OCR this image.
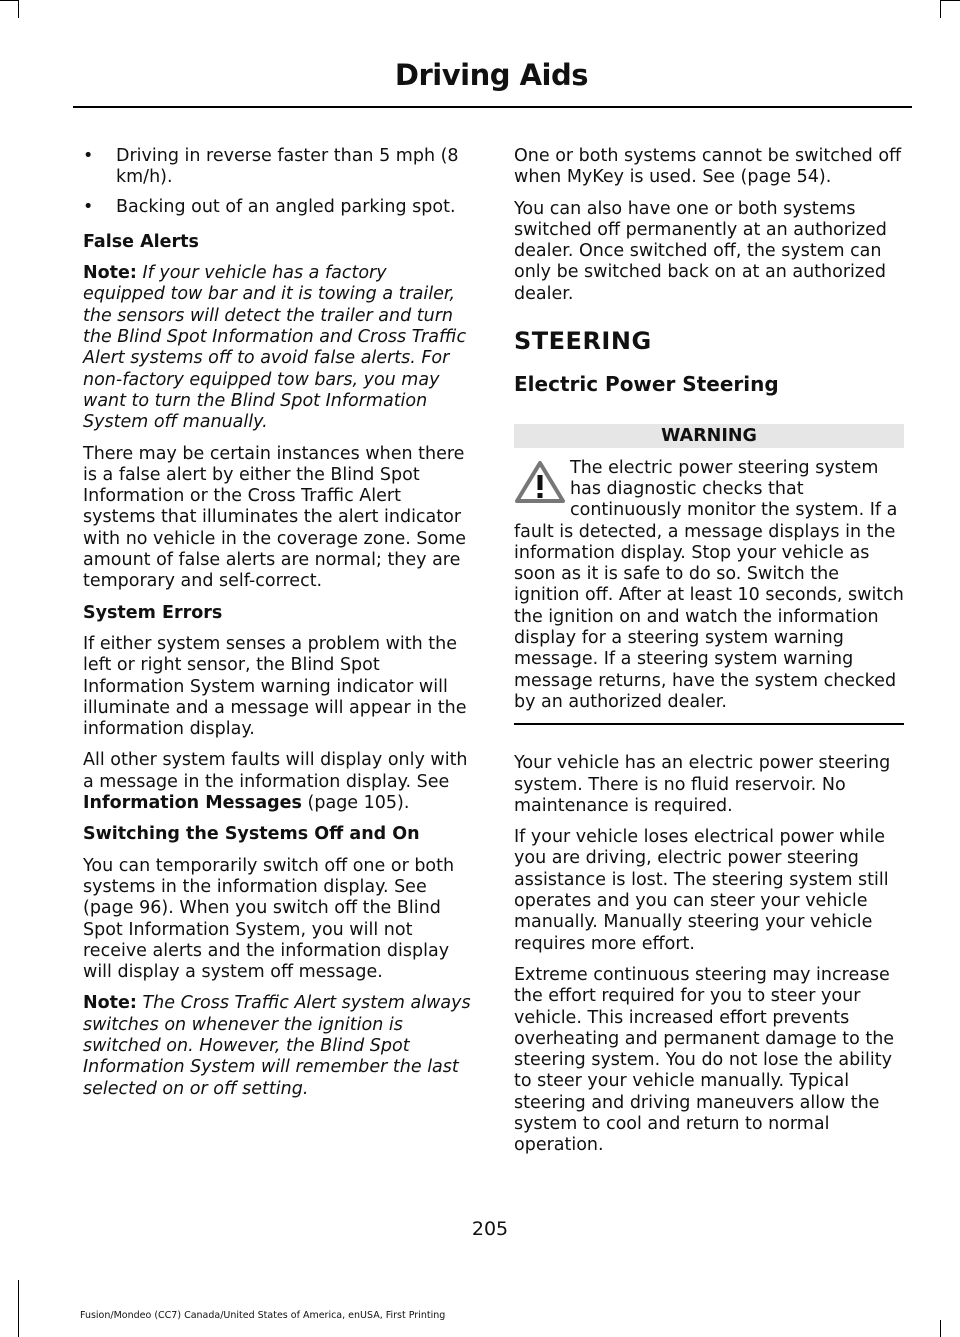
Driving Aids
•	Driving in reverse faster than 5 mph (8 km/h).
•	Backing out of an angled parking spot.
False Alerts

Note: If your vehicle has a factory equipped tow bar and it is towing a trailer, the sensors will detect the trailer and turn the Blind Spot Information and Cross Traffic Alert systems off to avoid false alerts. For non-factory equipped tow bars, you may want to turn the Blind Spot Information System off manually.

There may be certain instances when there is a false alert by either the Blind Spot Information or the Cross Traffic Alert systems that illuminates the alert indicator with no vehicle in the coverage zone. Some amount of false alerts are normal; they are temporary and self-correct.

System Errors

If either system senses a problem with the left or right sensor, the Blind Spot Information System warning indicator will illuminate and a message will appear in the information display.

All other system faults will display only with a message in the information display. See Information Messages (page 105).

Switching the Systems Off and On

You can temporarily switch off one or both systems in the information display. See (page 96). When you switch off the Blind Spot Information System, you will not receive alerts and the information display will display a system off message.

Note: The Cross Traffic Alert system always switches on whenever the ignition is switched on. However, the Blind Spot Information System will remember the last selected on or off setting.

One or both systems cannot be switched off when MyKey is used. See (page 54).

You can also have one or both systems switched off permanently at an authorized dealer. Once switched off, the system can only be switched back on at an authorized dealer.

STEERING
Electric Power Steering
WARNING
The electric power steering system has diagnostic checks that continuously monitor the system. If a fault is detected, a message displays in the information display. Stop your vehicle as soon as it is safe to do so. Switch the ignition off. After at least 10 seconds, switch the ignition on and watch the information display for a steering system warning message. If a steering system warning message returns, have the system checked by an authorized dealer.

Your vehicle has an electric power steering system. There is no fluid reservoir. No maintenance is required.

If your vehicle loses electrical power while you are driving, electric power steering assistance is lost. The steering system still operates and you can steer your vehicle manually. Manually steering your vehicle requires more effort.

Extreme continuous steering may increase the effort required for you to steer your vehicle. This increased effort prevents overheating and permanent damage to the steering system. You do not lose the ability to steer your vehicle manually. Typical steering and driving maneuvers allow the system to cool and return to normal operation.

205
Fusion/Mondeo (CC7) Canada/United States of America, enUSA, First Printing
